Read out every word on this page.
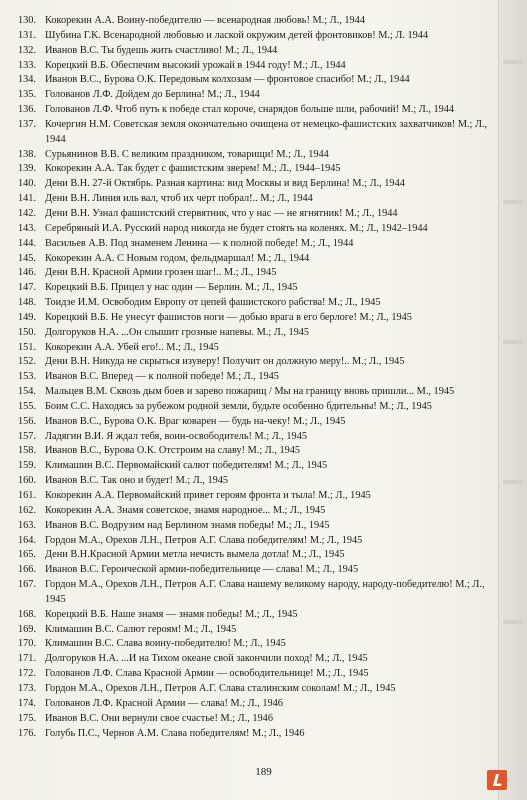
130. Кокорекин А.А. Воину-победителю — всенародная любовь! М.; Л., 1944
131. Шубина Г.К. Всенародной любовью и лаской окружим детей фронтовиков! М.; Л. 1944
132. Иванов В.С. Ты будешь жить счастливо! М.; Л., 1944
133. Корецкий В.Б. Обеспечим высокий урожай в 1944 году! М.; Л., 1944
134. Иванов В.С., Бурова О.К. Передовым колхозам — фронтовое спасибо! М.; Л., 1944
135. Голованов Л.Ф. Дойдем до Берлина! М.; Л., 1944
136. Голованов Л.Ф. Чтоб путь к победе стал короче, снарядов больше шли, рабочий! М.; Л., 1944
137. Кочергин Н.М. Советская земля окончательно очищена от немецко-фашистских захватчиков! М.; Л., 1944
138. Сурьянинов В.В. С великим праздником, товарищи! М.; Л., 1944
139. Кокорекин А.А. Так будет с фашистским зверем! М.; Л., 1944–1945
140. Дени В.Н. 27-й Октябрь. Разная картина: вид Москвы и вид Берлина! М.; Л., 1944
141. Дени В.Н. Линия иль вал, чтоб их черт побрал!.. М.; Л., 1944
142. Дени В.Н. Узнал фашистский стервятник, что у нас — не ягнятник! М.; Л., 1944
143. Серебряный И.А. Русский народ никогда не будет стоять на коленях. М.; Л., 1942–1944
144. Васильев А.В. Под знаменем Ленина — к полной победе! М.; Л., 1944
145. Кокорекин А.А. С Новым годом, фельдмаршал! М.; Л., 1944
146. Дени В.Н. Красной Армии грозен шаг!.. М.; Л., 1945
147. Корецкий В.Б. Прицел у нас один — Берлин. М.; Л., 1945
148. Тоидзе И.М. Освободим Европу от цепей фашистского рабства! М.; Л., 1945
149. Корецкий В.Б. Не унесут фашистов ноги — добью врага в его берлоге! М.; Л., 1945
150. Долгоруков Н.А. ...Он слышит грозные напевы. М.; Л., 1945
151. Кокорекин А.А. Убей его!.. М.; Л., 1945
152. Дени В.Н. Никуда не скрыться изуверу! Получит он должную меру!.. М.; Л., 1945
153. Иванов В.С. Вперед — к полной победе! М.; Л., 1945
154. Мальцев В.М. Сквозь дым боев и зарево пожарищ / Мы на границу вновь пришли... М., 1945
155. Боим С.С. Находясь за рубежом родной земли, будьте особенно бдительны! М.; Л., 1945
156. Иванов В.С., Бурова О.К. Враг коварен — будь на-чеку! М.; Л., 1945
157. Ладягин В.И. Я ждал тебя, воин-освободитель! М.; Л., 1945
158. Иванов В.С., Бурова О.К. Отстроим на славу! М.; Л., 1945
159. Климашин В.С. Первомайский салют победителям! М.; Л., 1945
160. Иванов В.С. Так оно и будет! М.; Л., 1945
161. Кокорекин А.А. Первомайский привет героям фронта и тыла! М.; Л., 1945
162. Кокорекин А.А. Знамя советское, знамя народное... М.; Л., 1945
163. Иванов В.С. Водрузим над Берлином знамя победы! М.; Л., 1945
164. Гордон М.А., Орехов Л.Н., Петров А.Г. Слава победителям! М.; Л., 1945
165. Дени В.Н.Красной Армии метла нечисть вымела дотла! М.; Л., 1945
166. Иванов В.С. Героической армии-победительнице — слава! М.; Л., 1945
167. Гордон М.А., Орехов Л.Н., Петров А.Г. Слава нашему великому народу, народу-победителю! М.; Л., 1945
168. Корецкий В.Б. Наше знамя — знамя победы! М.; Л., 1945
169. Климашин В.С. Салют героям! М.; Л., 1945
170. Климашин В.С. Слава воину-победителю! М.; Л., 1945
171. Долгоруков Н.А. ...И на Тихом океане свой закончили поход! М.; Л., 1945
172. Голованов Л.Ф. Слава Красной Армии — освободительнице! М.; Л., 1945
173. Гордон М.А., Орехов Л.Н., Петров А.Г. Слава сталинским соколам! М.; Л., 1945
174. Голованов Л.Ф. Красной Армии — слава! М.; Л., 1946
175. Иванов В.С. Они вернули свое счастье! М.; Л., 1946
176. Голубь П.С., Чернов А.М. Слава победителям! М.; Л., 1946
189
